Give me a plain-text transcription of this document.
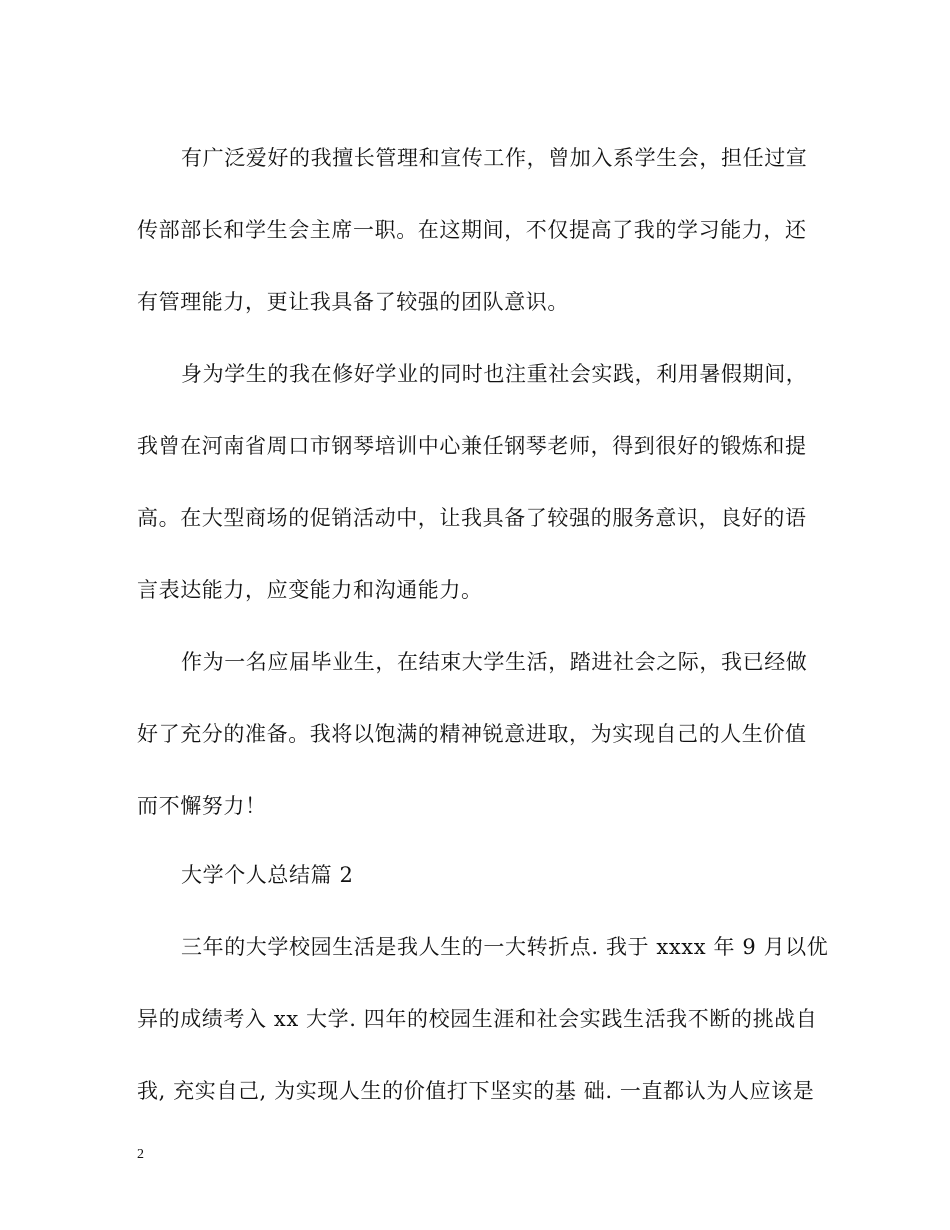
有广泛爱好的我擅长管理和宣传工作，曾加入系学生会，担任过宣
传部部长和学生会主席一职。在这期间，不仅提高了我的学习能力，还
有管理能力，更让我具备了较强的团队意识。
身为学生的我在修好学业的同时也注重社会实践，利用暑假期间，
我曾在河南省周口市钢琴培训中心兼任钢琴老师，得到很好的锻炼和提
高。在大型商场的促销活动中，让我具备了较强的服务意识，良好的语
言表达能力，应变能力和沟通能力。
作为一名应届毕业生，在结束大学生活，踏进社会之际，我已经做
好了充分的准备。我将以饱满的精神锐意进取，为实现自己的人生价值
而不懈努力！
大学个人总结篇 2
三年的大学校园生活是我人生的一大转折点. 我于 xxxx 年 9 月以优
异的成绩考入 xx 大学. 四年的校园生涯和社会实践生活我不断的挑战自
我, 充实自己, 为实现人生的价值打下坚实的基 础. 一直都认为人应该是
2
